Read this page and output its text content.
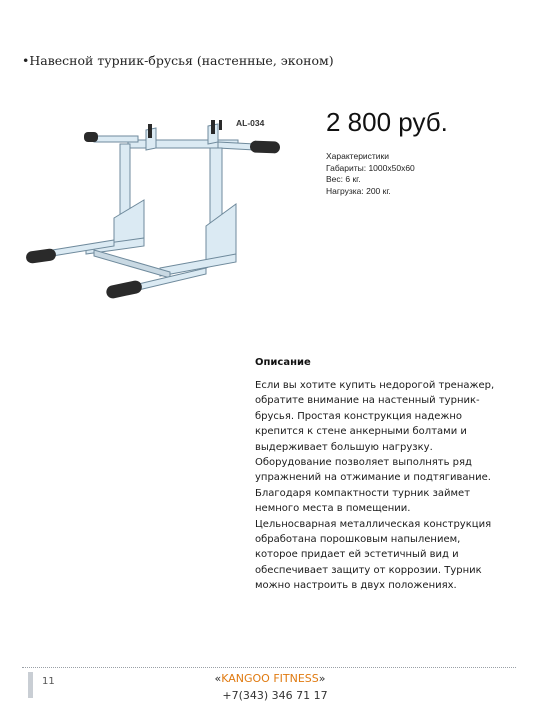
•Навесной турник-брусья (настенные, эконом)
AL-034 2 800 руб.
Характеристики
Габариты: 1000х50х60
Вес: 6 кг.
Нагрузка: 200 кг.
Описание
Если вы хотите купить недорогой тренажер,
обратите внимание на настенный турник-
брусья. Простая конструкция надежно
крепится к стене анкерными болтами и
выдерживает большую нагрузку.
Оборудование позволяет выполнять ряд
упражнений на отжимание и подтягивание.
Благодаря компактности турник займет
немного места в помещении.
Цельносварная металлическая конструкция
обработана порошковым напылением,
которое придает ей эстетичный вид и
обеспечивает защиту от коррозии. Турник
можно настроить в двух положениях.
11	«KANGOO FITNESS»
+7(343) 346 71 17
